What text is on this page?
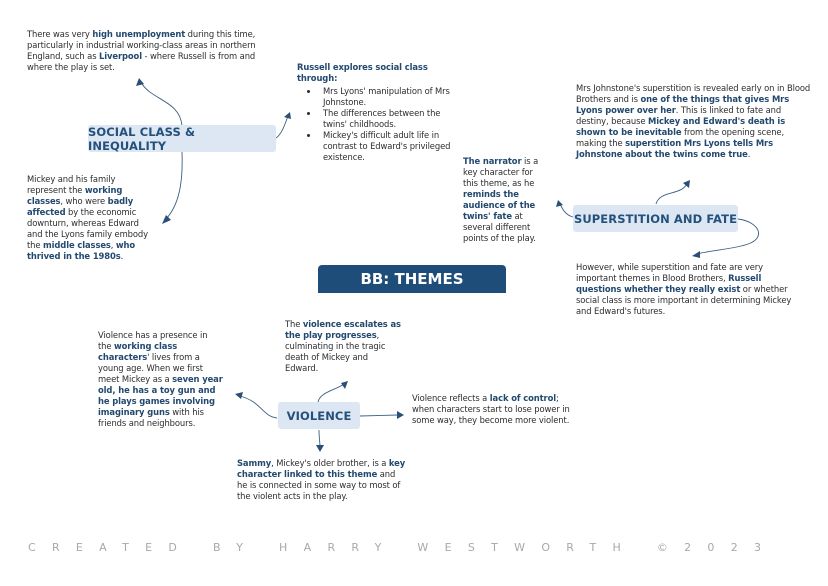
There was very high unemployment during this time, particularly in industrial working-class areas in northern England, such as Liverpool - where Russell is from and where the play is set.
SOCIAL CLASS & INEQUALITY
Russell explores social class through:
• Mrs Lyons' manipulation of Mrs Johnstone.
• The differences between the twins' childhoods.
• Mickey's difficult adult life in contrast to Edward's privileged existence.
Mickey and his family represent the working classes, who were badly affected by the economic downturn, whereas Edward and the Lyons family embody the middle classes, who thrived in the 1980s.
Mrs Johnstone's superstition is revealed early on in Blood Brothers and is one of the things that gives Mrs Lyons power over her. This is linked to fate and destiny, because Mickey and Edward's death is shown to be inevitable from the opening scene, making the superstition Mrs Lyons tells Mrs Johnstone about the twins come true.
The narrator is a key character for this theme, as he reminds the audience of the twins' fate at several different points of the play.
SUPERSTITION AND FATE
However, while superstition and fate are very important themes in Blood Brothers, Russell questions whether they really exist or whether social class is more important in determining Mickey and Edward's futures.
BB: THEMES
Violence has a presence in the working class characters' lives from a young age. When we first meet Mickey as a seven year old, he has a toy gun and he plays games involving imaginary guns with his friends and neighbours.
The violence escalates as the play progresses, culminating in the tragic death of Mickey and Edward.
VIOLENCE
Violence reflects a lack of control; when characters start to lose power in some way, they become more violent.
Sammy, Mickey's older brother, is a key character linked to this theme and he is connected in some way to most of the violent acts in the play.
CREATED BY HARRY WESTWORTH ©2023
